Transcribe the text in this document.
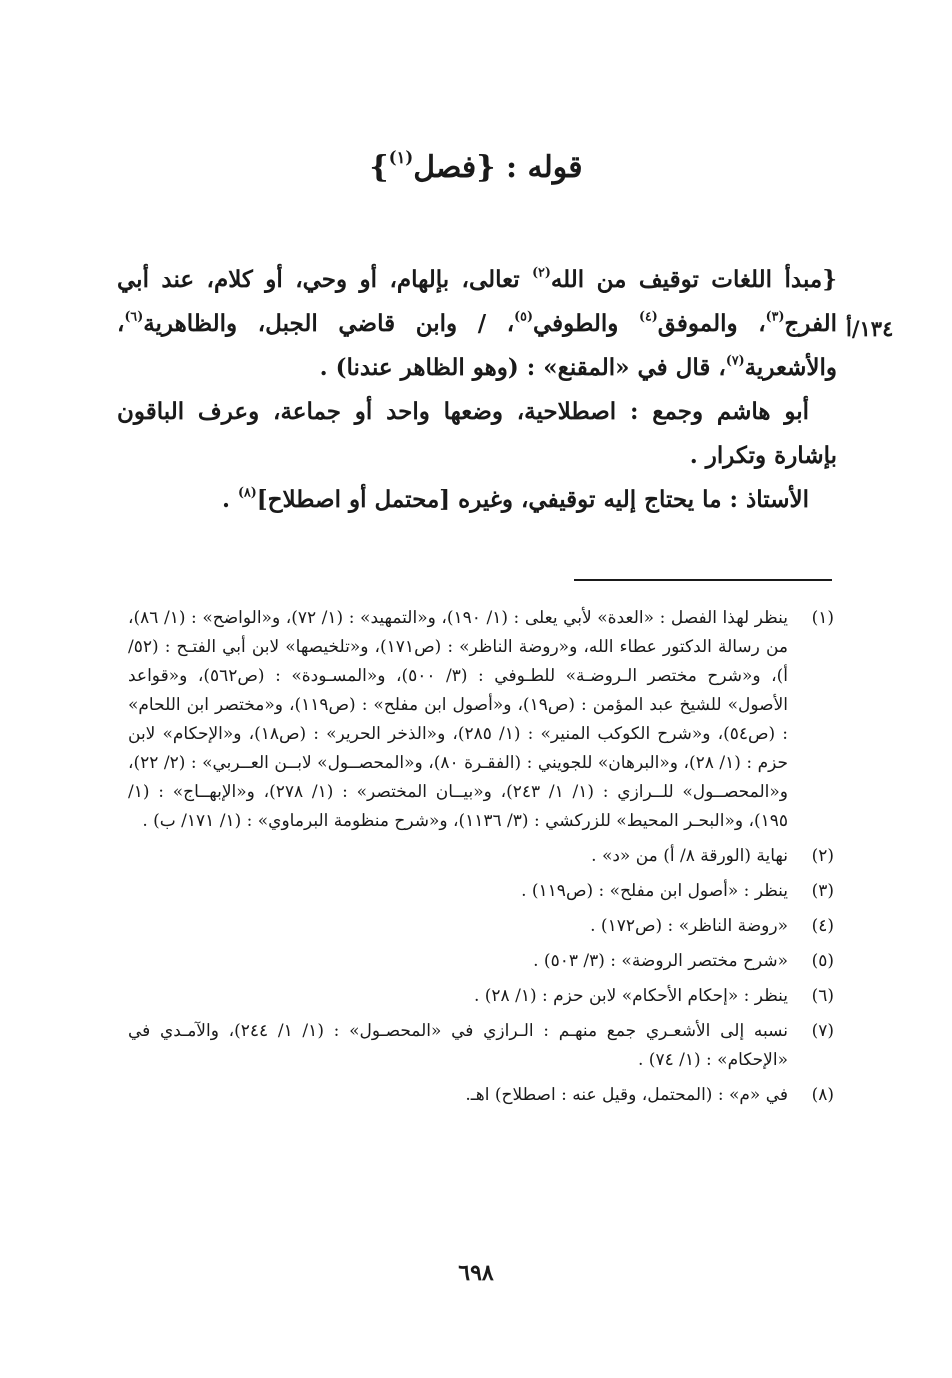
قوله : {فصل$^{(١)}$}
١٣٤/أ

{مبدأ اللغات توقيف من الله$^{(٢)}$ تعالى، بإلهام، أو وحي، أو كلام، عند أبي الفرج$^{(٣)}$، والموفق$^{(٤)}$ والطوفي$^{(٥)}$، / وابن قاضي الجبل، والظاهرية$^{(٦)}$، والأشعرية$^{(٧)}$، قال في «المقنع» : (وهو الظاهر عندنا) .

أبو هاشم وجمع : اصطلاحية، وضعها واحد أو جماعة، وعرف الباقون بإشارة وتكرار .

الأستاذ : ما يحتاج إليه توقيفي، وغيره [محتمل أو اصطلاح]$^{(٨)}$ .

(١)
ينظر لهذا الفصل : «العدة» لأبي يعلى : (١/ ١٩٠)، و«التمهيد» : (١/ ٧٢)، و«الواضح» : (١/ ٨٦)، من رسالة الدكتور عطاء الله، و«روضة الناظر» : (ص١٧١)، و«تلخيصها» لابن أبي الفتـح : (٥٢/أ)، و«شرح مختصر الـروضـة» للطـوفي : (٣/ ٥٠٠)، و«المسـودة» : (ص٥٦٢)، و«قواعد الأصول» للشيخ عبد المؤمن : (ص١٩)، و«أصول ابن مفلح» : (ص١١٩)، و«مختصر ابن اللحام» : (ص٥٤)، و«شرح الكوكب المنير» : (١/ ٢٨٥)، و«الذخر الحرير» : (ص١٨)، و«الإحكام» لابن حزم : (١/ ٢٨)، و«البرهان» للجويني : (الفقـرة ٨٠)، و«المحصــول» لابــن العــربي» : (٢/ ٢٢)، و«المحصــول» للــرازي : (١/ ١/ ٢٤٣)، و«بيــان المختصر» : (١/ ٢٧٨)، و«الإبهــاج» : (١/ ١٩٥)، و«البحـر المحيط» للزركشي : (٣/ ١١٣٦)، و«شرح منظومة البرماوي» : (١/ ١٧١/ ب) .
(٢)
نهاية (الورقة ٨/ أ) من «د» .
(٣)
ينظر : «أصول ابن مفلح» : (ص١١٩) .
(٤)
«روضة الناظر» : (ص١٧٢) .
(٥)
«شرح مختصر الروضة» : (٣/ ٥٠٣) .
(٦)
ينظر : «إحكام الأحكام» لابن حزم : (١/ ٢٨) .
(٧)
نسبه إلى الأشعـري جمع منهـم : الـرازي في «المحصـول» : (١/ ١/ ٢٤٤)، والآمـدي في «الإحكام» : (١/ ٧٤) .
(٨)
في «م» : (المحتمل، وقيل عنه : اصطلاح) اهـ.
٦٩٨
